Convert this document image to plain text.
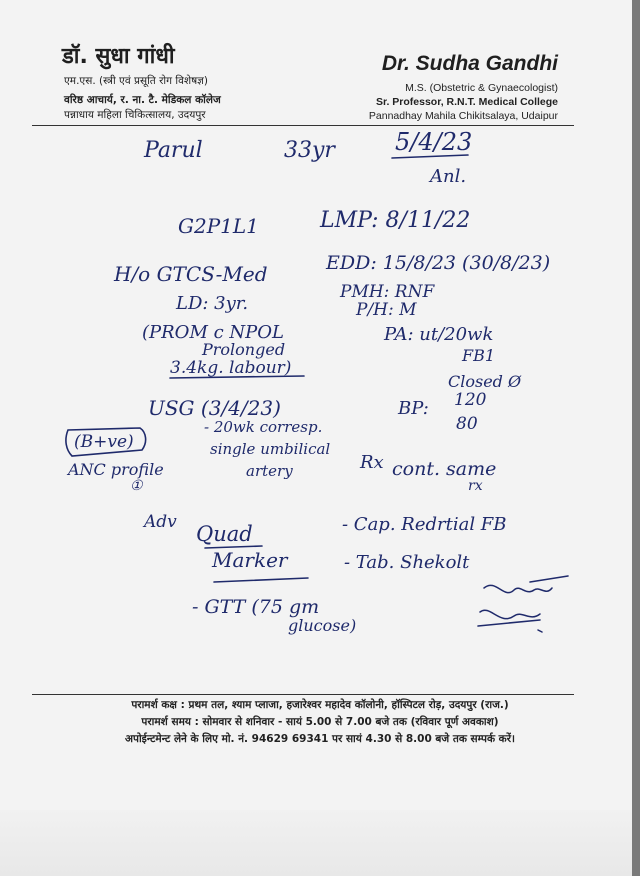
डॉ. सुधा गांधी
एम.एस. (स्त्री एवं प्रसूति रोग विशेषज्ञ)
वरिष्ठ आचार्य, र. ना. टै. मेडिकल कॉलेज
पन्नाधाय महिला चिकित्सालय, उदयपुर
Dr. Sudha Gandhi
M.S. (Obstetric & Gynaecologist)
Sr. Professor, R.N.T. Medical College
Pannadhay Mahila Chikitsalaya, Udaipur
Parul	33yr	5/4/23
Anl.
G2P1L1	LMP: 8/11/22
H/o GTCS-Med	EDD: 15/8/23 (30/8/23)
PMH: RNF
LD: 3yr.	P/H: M
(PROM c NPOL
Prolonged
3.4kg. labour)
PA: ut/20wk
FB1
Closed Ø
USG (3/4/23)	BP: 120
80
(B+ve)
- 20wk corresp.
single umbilical
artery
ANC profile
①
Rx cont. same
rx
Adv Quad
Marker
- Cap. Redrtial FB
- Tab. Shekolt
- GTT (75 gm
glucose)
परामर्श कक्ष : प्रथम तल, श्याम प्लाजा, हजारेश्वर महादेव कॉलोनी, हॉस्पिटल रोड़, उदयपुर (राज.)
परामर्श समय : सोमवार से शनिवार - सायं 5.00 से 7.00 बजे तक (रविवार पूर्ण अवकाश)
अपोईन्टमेन्ट लेने के लिए मो. नं. 94629 69341 पर सायं 4.30 से 8.00 बजे तक सम्पर्क करें।
